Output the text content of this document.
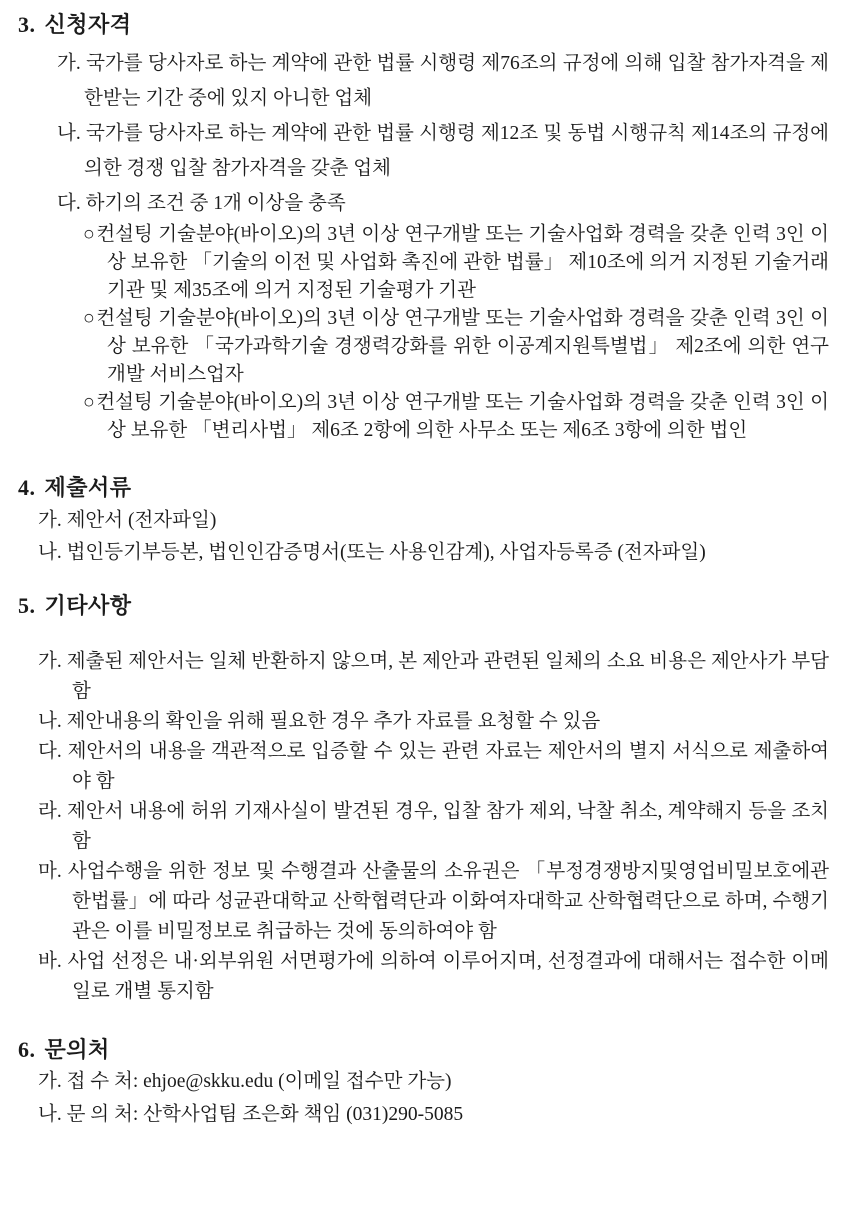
3. 신청자격
가. 국가를 당사자로 하는 계약에 관한 법률 시행령 제76조의 규정에 의해 입찰 참가자격을 제한받는 기간 중에 있지 아니한 업체
나. 국가를 당사자로 하는 계약에 관한 법률 시행령 제12조 및 동법 시행규칙 제14조의 규정에 의한 경쟁 입찰 참가자격을 갖춘 업체
다. 하기의 조건 중 1개 이상을 충족
○컨설팅 기술분야(바이오)의 3년 이상 연구개발 또는 기술사업화 경력을 갖춘 인력 3인 이상 보유한 「기술의 이전 및 사업화 촉진에 관한 법률」 제10조에 의거 지정된 기술거래 기관 및 제35조에 의거 지정된 기술평가 기관
○컨설팅 기술분야(바이오)의 3년 이상 연구개발 또는 기술사업화 경력을 갖춘 인력 3인 이상 보유한 「국가과학기술 경쟁력강화를 위한 이공계지원특별법」 제2조에 의한 연구개발 서비스업자
○컨설팅 기술분야(바이오)의 3년 이상 연구개발 또는 기술사업화 경력을 갖춘 인력 3인 이상 보유한 「변리사법」 제6조 2항에 의한 사무소 또는 제6조 3항에 의한 법인
4. 제출서류
가. 제안서 (전자파일)
나. 법인등기부등본, 법인인감증명서(또는 사용인감계), 사업자등록증 (전자파일)
5. 기타사항
가. 제출된 제안서는 일체 반환하지 않으며, 본 제안과 관련된 일체의 소요 비용은 제안사가 부담함
나. 제안내용의 확인을 위해 필요한 경우 추가 자료를 요청할 수 있음
다. 제안서의 내용을 객관적으로 입증할 수 있는 관련 자료는 제안서의 별지 서식으로 제출하여야 함
라. 제안서 내용에 허위 기재사실이 발견된 경우, 입찰 참가 제외, 낙찰 취소, 계약해지 등을 조치함
마. 사업수행을 위한 정보 및 수행결과 산출물의 소유권은 「부정경쟁방지및영업비밀보호에관한법률」에 따라 성균관대학교 산학협력단과 이화여자대학교 산학협력단으로 하며, 수행기관은 이를 비밀정보로 취급하는 것에 동의하여야 함
바. 사업 선정은 내·외부위원 서면평가에 의하여 이루어지며, 선정결과에 대해서는 접수한 이메일로 개별 통지함
6. 문의처
가. 접 수 처: ehjoe@skku.edu (이메일 접수만 가능)
나. 문 의 처: 산학사업팀 조은화 책임 (031)290-5085
